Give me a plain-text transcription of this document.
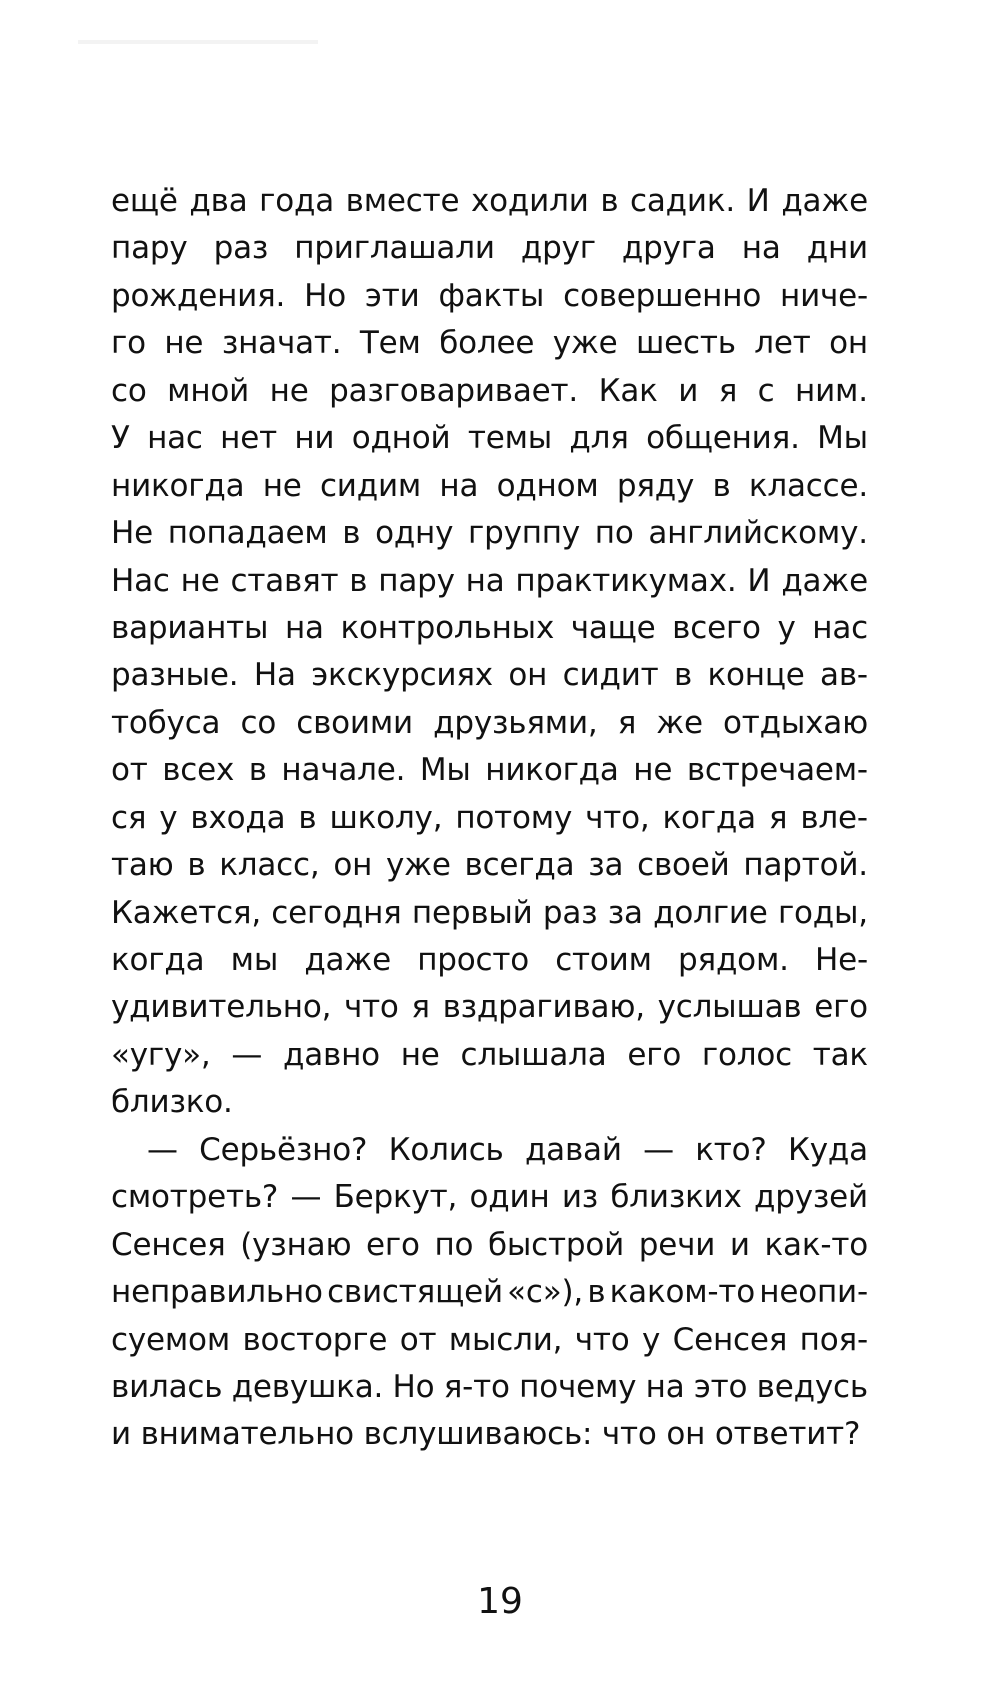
ещё два года вместе ходили в садик. И даже
пару раз приглашали друг друга на дни
рождения. Но эти факты совершенно ниче-
го не значат. Тем более уже шесть лет он
со мной не разговаривает. Как и я с ним.
У нас нет ни одной темы для общения. Мы
никогда не сидим на одном ряду в классе.
Не попадаем в одну группу по английскому.
Нас не ставят в пару на практикумах. И даже
варианты на контрольных чаще всего у нас
разные. На экскурсиях он сидит в конце ав-
тобуса со своими друзьями, я же отдыхаю
от всех в начале. Мы никогда не встречаем-
ся у входа в школу, потому что, когда я вле-
таю в класс, он уже всегда за своей партой.
Кажется, сегодня первый раз за долгие годы,
когда мы даже просто стоим рядом. Не-
удивительно, что я вздрагиваю, услышав его
«угу», — давно не слышала его голос так
близко.
— Серьёзно? Колись давай — кто? Куда
смотреть? — Беркут, один из близких друзей
Сенсея (узнаю его по быстрой речи и как-то
неправильно свистящей «с»), в каком-то неопи-
суемом восторге от мысли, что у Сенсея поя-
вилась девушка. Но я-то почему на это ведусь
и внимательно вслушиваюсь: что он ответит?
19
